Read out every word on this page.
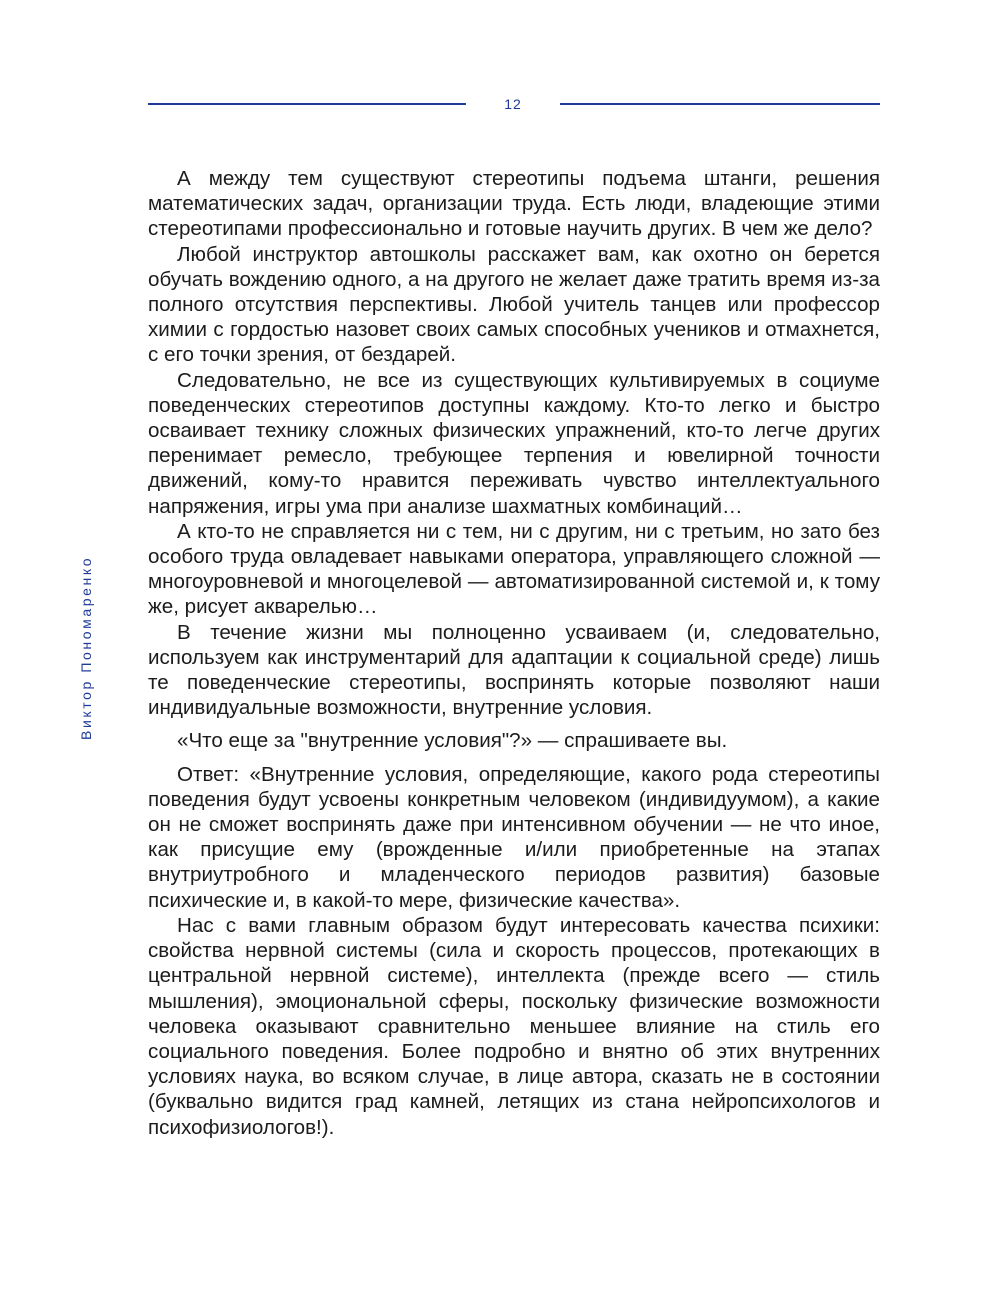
12
Виктор Пономаренко

А между тем существуют стереотипы подъема штанги, решения математических задач, организации труда. Есть люди, владеющие этими стереотипами профессионально и готовые научить других. В чем же дело?

Любой инструктор автошколы расскажет вам, как охотно он берется обучать вождению одного, а на другого не желает даже тратить время из-за полного отсутствия перспективы. Любой учитель танцев или профессор химии с гордостью назовет своих самых способных учеников и отмахнется, с его точки зрения, от бездарей.

Следовательно, не все из существующих культивируемых в социуме поведенческих стереотипов доступны каждому. Кто-то легко и быстро осваивает технику сложных физических упражнений, кто-то легче других перенимает ремесло, требующее терпения и ювелирной точности движений, кому-то нравится переживать чувство интеллектуального напряжения, игры ума при анализе шахматных комбинаций…

А кто-то не справляется ни с тем, ни с другим, ни с третьим, но зато без особого труда овладевает навыками оператора, управляющего сложной — многоуровневой и многоцелевой — автоматизированной системой и, к тому же, рисует акварелью…

В течение жизни мы полноценно усваиваем (и, следовательно, используем как инструментарий для адаптации к социальной среде) лишь те поведенческие стереотипы, воспринять которые позволяют наши индивидуальные возможности, внутренние условия.

«Что еще за "внутренние условия"?» — спрашиваете вы.

Ответ: «Внутренние условия, определяющие, какого рода стереотипы поведения будут усвоены конкретным человеком (индивидуумом), а какие он не сможет воспринять даже при интенсивном обучении — не что иное, как присущие ему (врожденные и/или приобретенные на этапах внутриутробного и младенческого периодов развития) базовые психические и, в какой-то мере, физические качества».

Нас с вами главным образом будут интересовать качества психики: свойства нервной системы (сила и скорость процессов, протекающих в центральной нервной системе), интеллекта (прежде всего — стиль мышления), эмоциональной сферы, поскольку физические возможности человека оказывают сравнительно меньшее влияние на стиль его социального поведения. Более подробно и внятно об этих внутренних условиях наука, во всяком случае, в лице автора, сказать не в состоянии (буквально видится град камней, летящих из стана нейропсихологов и психофизиологов!).
